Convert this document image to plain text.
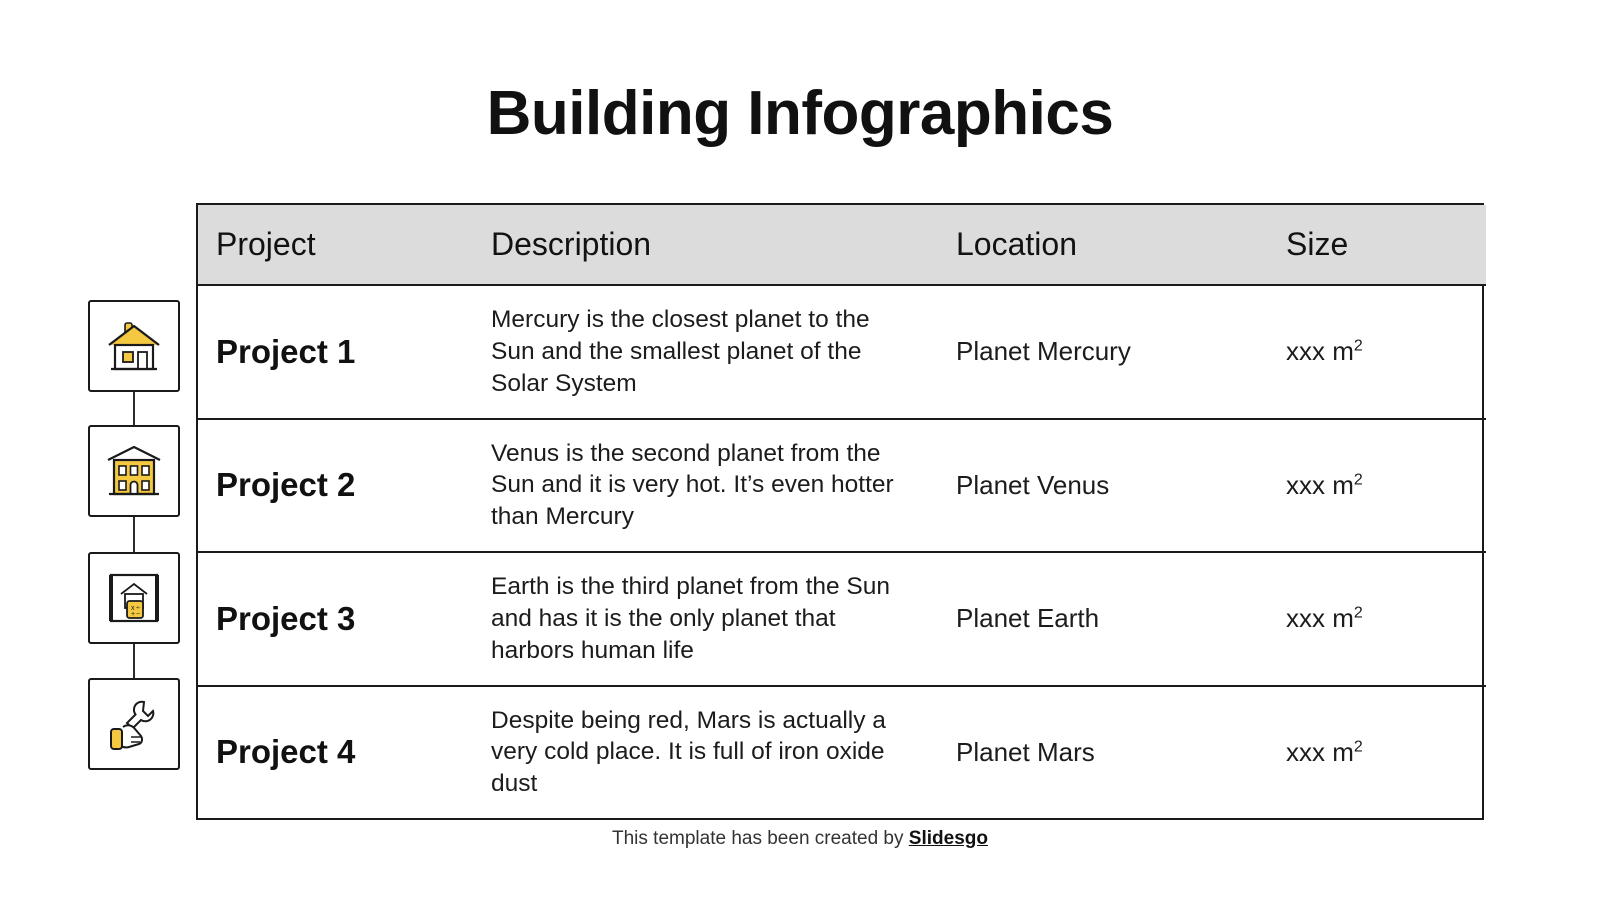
Building Infographics
x ÷
+ −
Project	Description	Location	Size
Project 1	Mercury is the closest planet to the Sun and the smallest planet of the Solar System	Planet Mercury	xxx $m^2$
Project 2	Venus is the second planet from the Sun and it is very hot. It’s even hotter than Mercury	Planet Venus	xxx $m^2$
Project 3	Earth is the third planet from the Sun and has it is the only planet that harbors human life	Planet Earth	xxx $m^2$
Project 4	Despite being red, Mars is actually a very cold place. It is full of iron oxide dust	Planet Mars	xxx $m^2$
This template has been created by Slidesgo
